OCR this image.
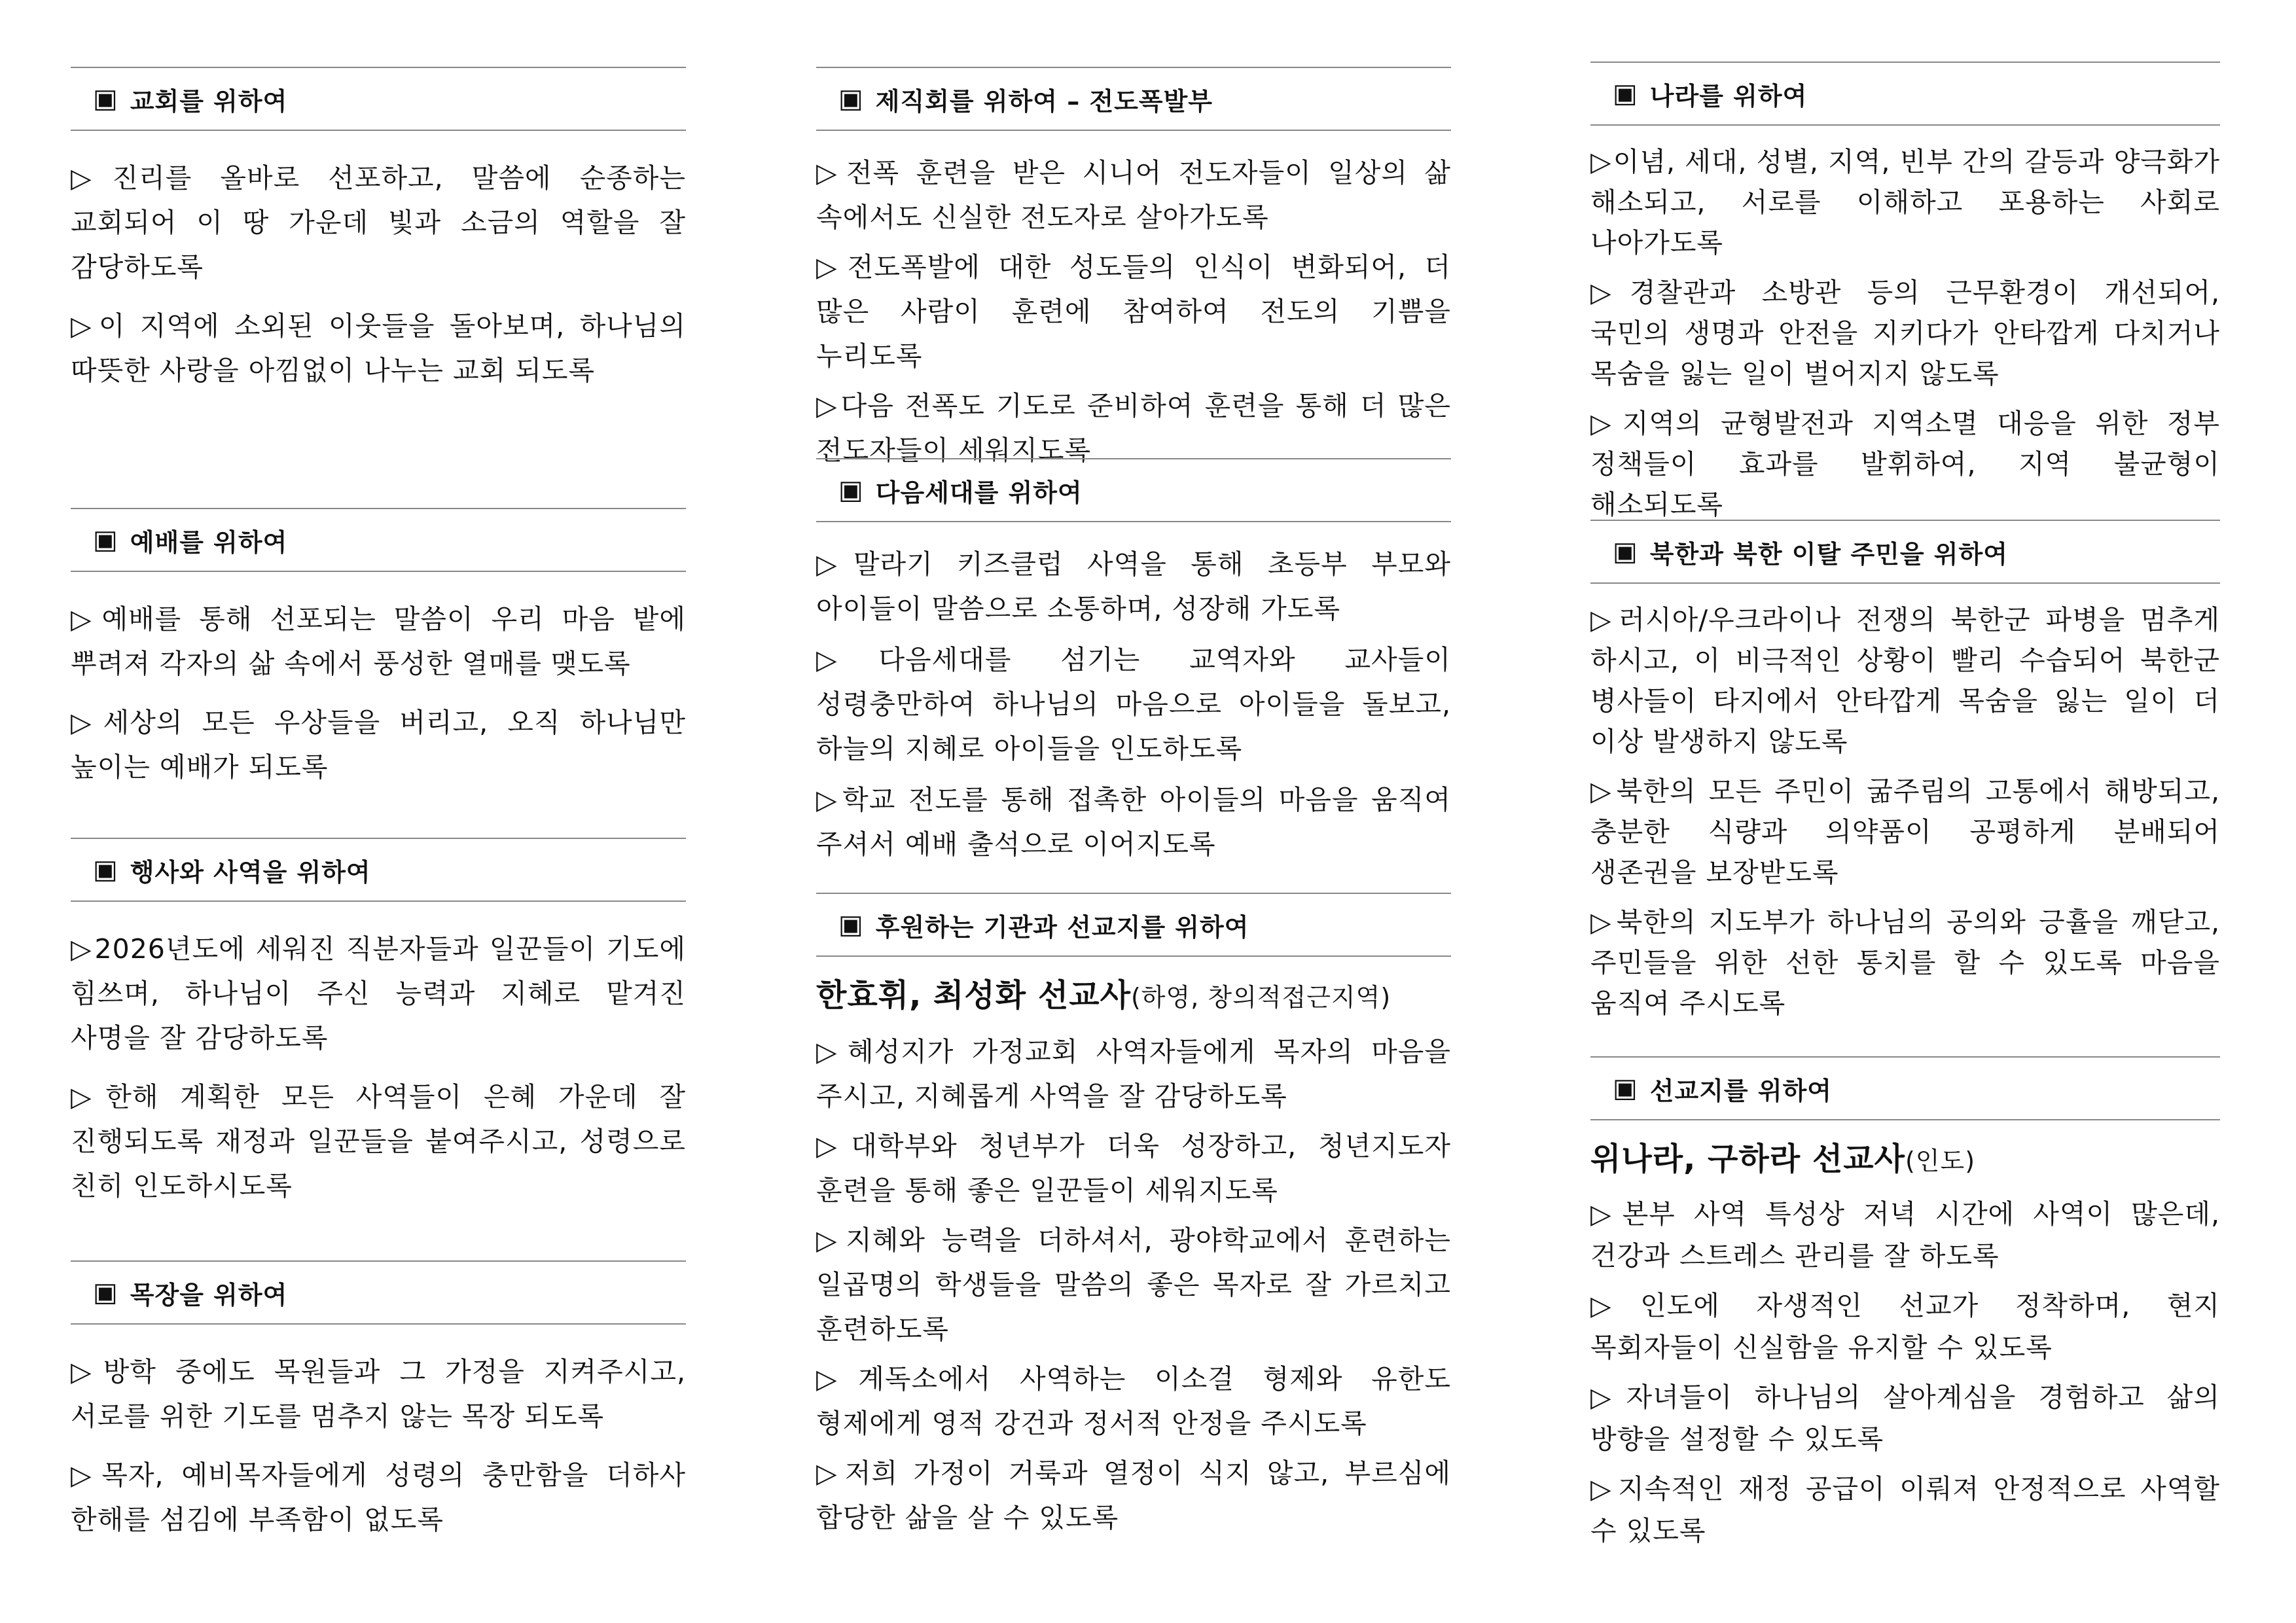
▣ 교회를 위하여
▷진리를 올바로 선포하고, 말씀에 순종하는 교회되어 이 땅 가운데 빛과 소금의 역할을 잘 감당하도록
▷이 지역에 소외된 이웃들을 돌아보며, 하나님의 따뜻한 사랑을 아낌없이 나누는 교회 되도록
▣ 예배를 위하여
▷예배를 통해 선포되는 말씀이 우리 마음 밭에 뿌려져 각자의 삶 속에서 풍성한 열매를 맺도록
▷세상의 모든 우상들을 버리고, 오직 하나님만 높이는 예배가 되도록
▣ 행사와 사역을 위하여
▷2026년도에 세워진 직분자들과 일꾼들이 기도에 힘쓰며, 하나님이 주신 능력과 지혜로 맡겨진 사명을 잘 감당하도록
▷한해 계획한 모든 사역들이 은혜 가운데 잘 진행되도록 재정과 일꾼들을 붙여주시고, 성령으로 친히 인도하시도록
▣ 목장을 위하여
▷방학 중에도 목원들과 그 가정을 지켜주시고, 서로를 위한 기도를 멈추지 않는 목장 되도록
▷목자, 예비목자들에게 성령의 충만함을 더하사 한해를 섬김에 부족함이 없도록
▣ 제직회를 위하여 – 전도폭발부
▷전폭 훈련을 받은 시니어 전도자들이 일상의 삶 속에서도 신실한 전도자로 살아가도록
▷전도폭발에 대한 성도들의 인식이 변화되어, 더 많은 사람이 훈련에 참여하여 전도의 기쁨을 누리도록
▷다음 전폭도 기도로 준비하여 훈련을 통해 더 많은 전도자들이 세워지도록
▣ 다음세대를 위하여
▷말라기 키즈클럽 사역을 통해 초등부 부모와 아이들이 말씀으로 소통하며, 성장해 가도록
▷다음세대를 섬기는 교역자와 교사들이 성령충만하여 하나님의 마음으로 아이들을 돌보고, 하늘의 지혜로 아이들을 인도하도록
▷학교 전도를 통해 접촉한 아이들의 마음을 움직여 주셔서 예배 출석으로 이어지도록
▣ 후원하는 기관과 선교지를 위하여
한효휘, 최성화 선교사(하영, 창의적접근지역)
▷혜성지가 가정교회 사역자들에게 목자의 마음을 주시고, 지혜롭게 사역을 잘 감당하도록
▷대학부와 청년부가 더욱 성장하고, 청년지도자 훈련을 통해 좋은 일꾼들이 세워지도록
▷지혜와 능력을 더하셔서, 광야학교에서 훈련하는 일곱명의 학생들을 말씀의 좋은 목자로 잘 가르치고 훈련하도록
▷계독소에서 사역하는 이소걸 형제와 유한도 형제에게 영적 강건과 정서적 안정을 주시도록
▷저희 가정이 거룩과 열정이 식지 않고, 부르심에 합당한 삶을 살 수 있도록
▣ 나라를 위하여
▷이념, 세대, 성별, 지역, 빈부 간의 갈등과 양극화가 해소되고, 서로를 이해하고 포용하는 사회로 나아가도록
▷경찰관과 소방관 등의 근무환경이 개선되어, 국민의 생명과 안전을 지키다가 안타깝게 다치거나 목숨을 잃는 일이 벌어지지 않도록
▷지역의 균형발전과 지역소멸 대응을 위한 정부 정책들이 효과를 발휘하여, 지역 불균형이 해소되도록
▣ 북한과 북한 이탈 주민을 위하여
▷러시아/우크라이나 전쟁의 북한군 파병을 멈추게 하시고, 이 비극적인 상황이 빨리 수습되어 북한군 병사들이 타지에서 안타깝게 목숨을 잃는 일이 더 이상 발생하지 않도록
▷북한의 모든 주민이 굶주림의 고통에서 해방되고, 충분한 식량과 의약품이 공평하게 분배되어 생존권을 보장받도록
▷북한의 지도부가 하나님의 공의와 긍휼을 깨닫고, 주민들을 위한 선한 통치를 할 수 있도록 마음을 움직여 주시도록
▣ 선교지를 위하여
위나라, 구하라 선교사(인도)
▷본부 사역 특성상 저녁 시간에 사역이 많은데, 건강과 스트레스 관리를 잘 하도록
▷인도에 자생적인 선교가 정착하며, 현지 목회자들이 신실함을 유지할 수 있도록
▷자녀들이 하나님의 살아계심을 경험하고 삶의 방향을 설정할 수 있도록
▷지속적인 재정 공급이 이뤄져 안정적으로 사역할 수 있도록
